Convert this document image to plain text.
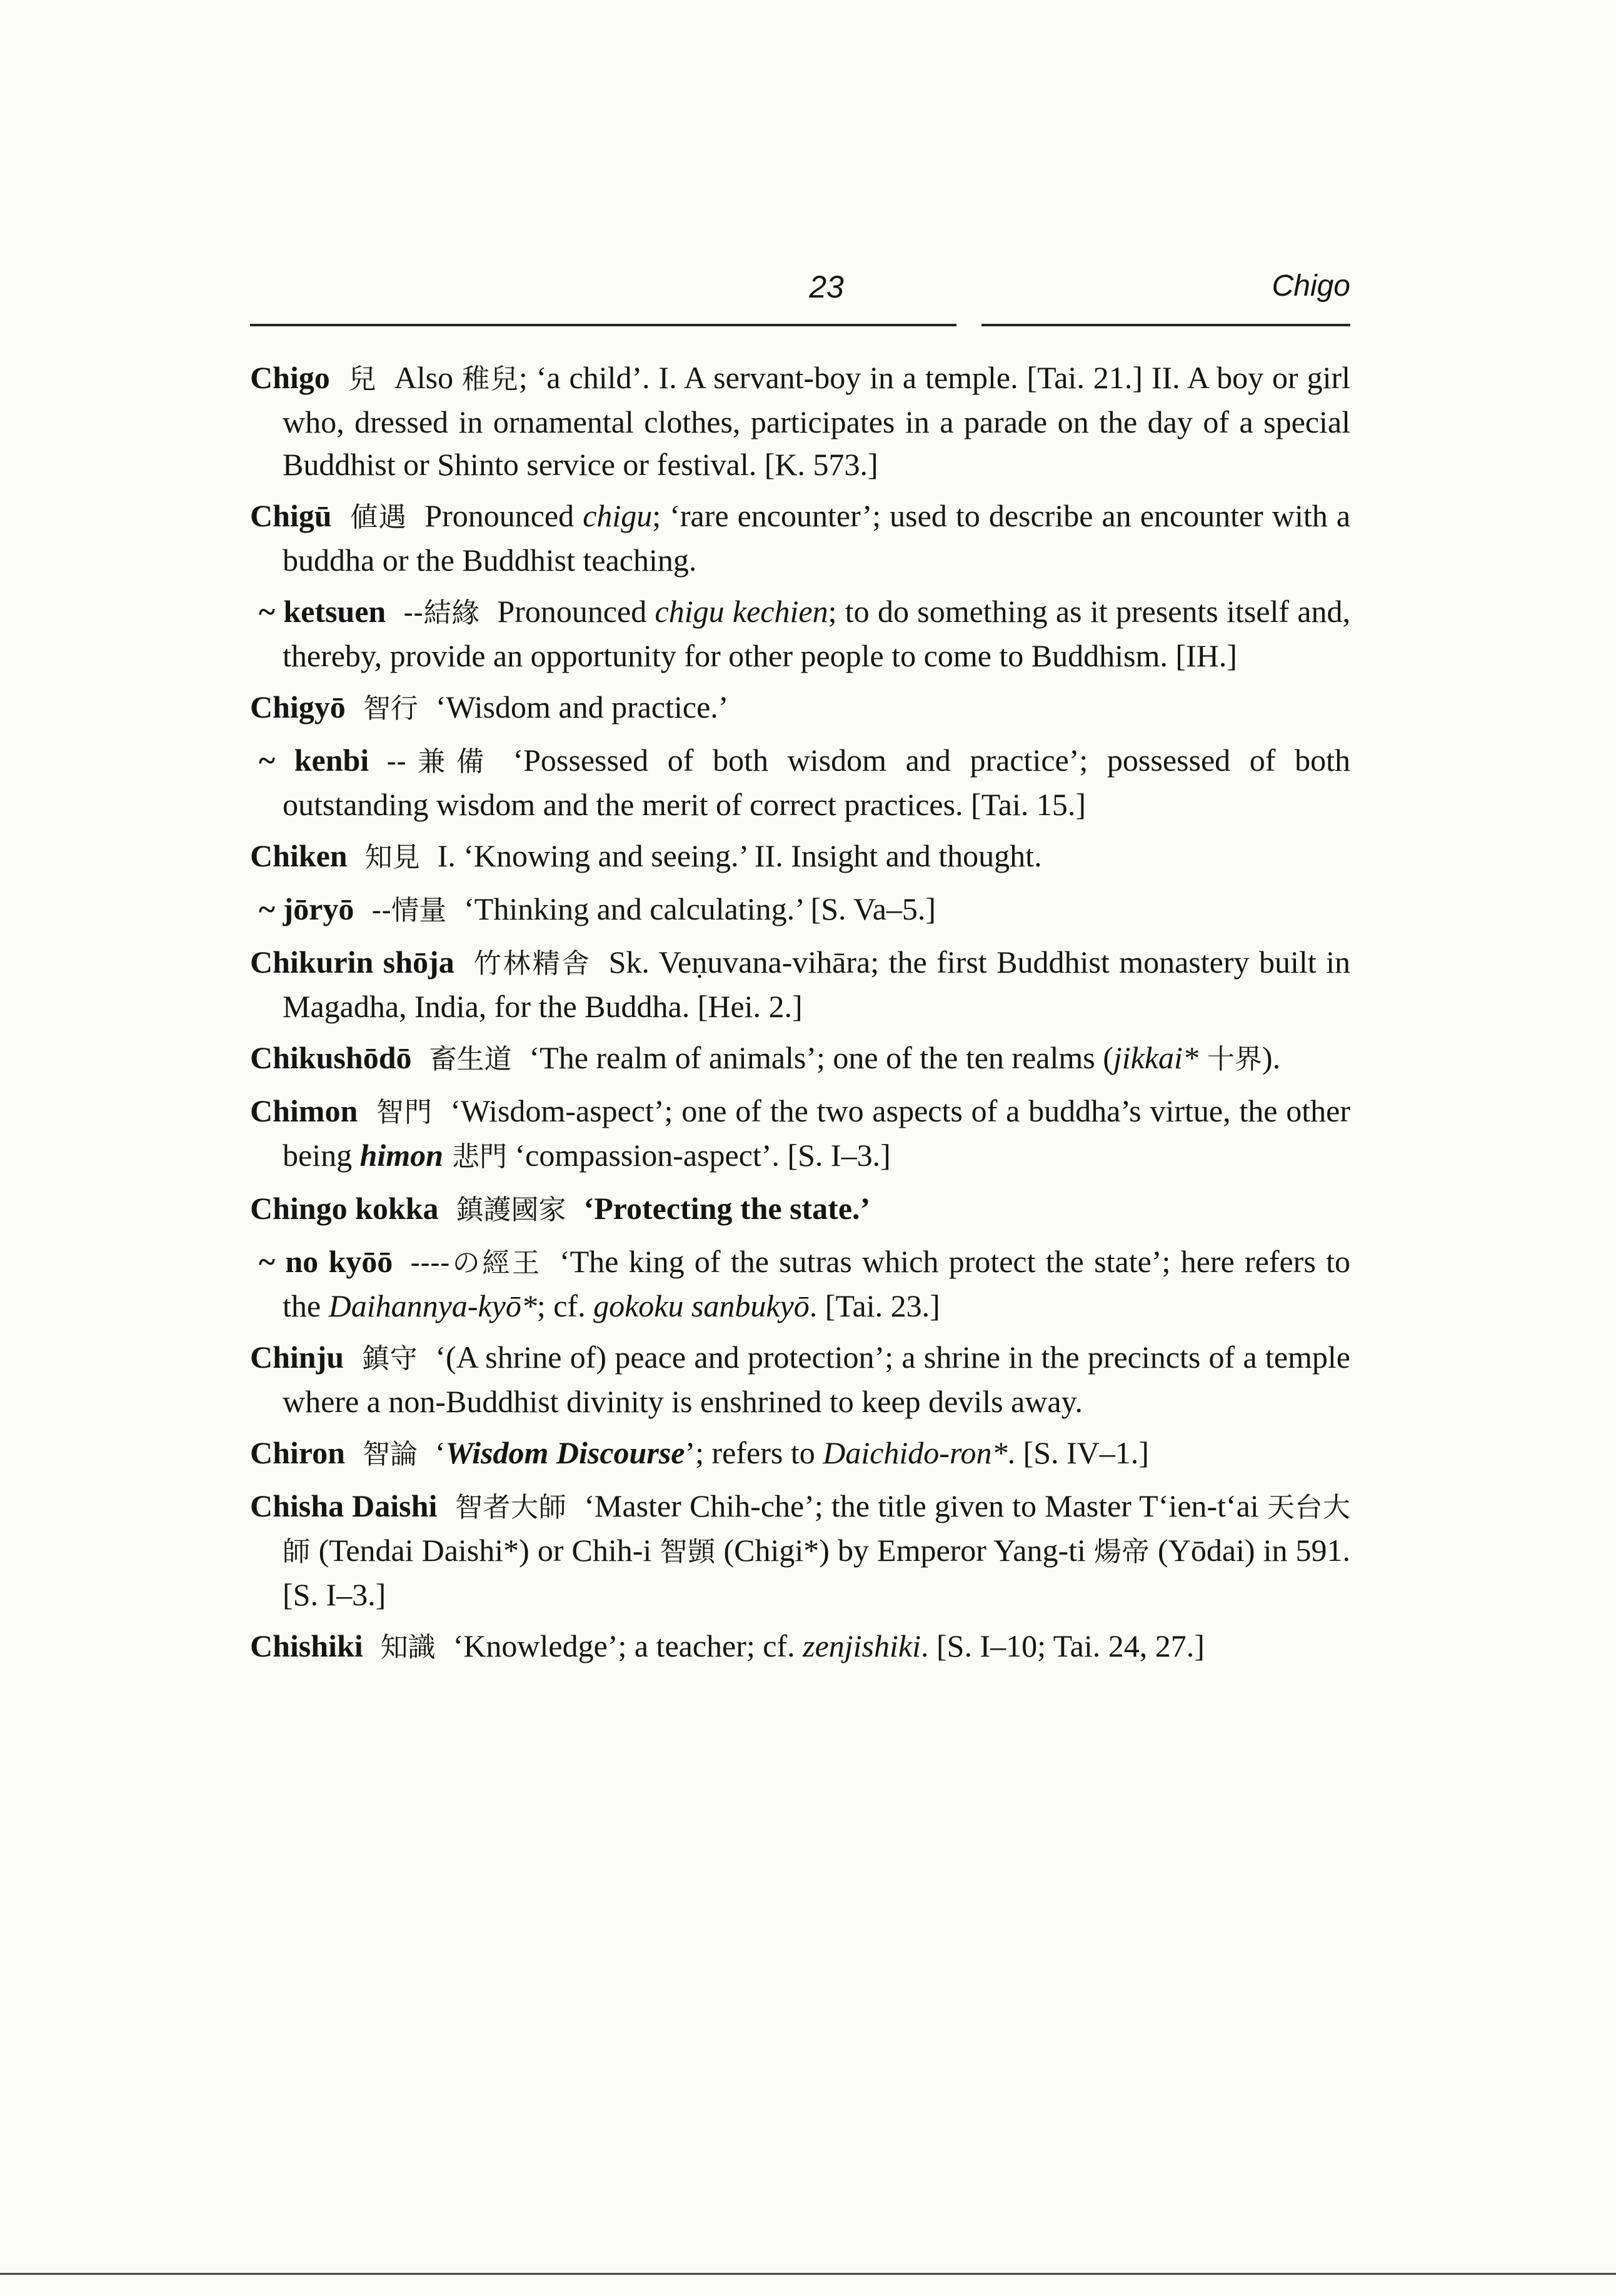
23	Chigo
Chigo 兒 Also 稚兒; ‘a child’. I. A servant-boy in a temple. [Tai. 21.] II. A boy or girl who, dressed in ornamental clothes, participates in a parade on the day of a special Buddhist or Shinto service or festival. [K. 573.]
Chigū 値遇 Pronounced chigu; ‘rare encounter’; used to describe an encounter with a buddha or the Buddhist teaching.
~ ketsuen --結緣 Pronounced chigu kechien; to do something as it presents itself and, thereby, provide an opportunity for other people to come to Buddhism. [IH.]
Chigyō 智行 ‘Wisdom and practice.’
~ kenbi --兼備 ‘Possessed of both wisdom and practice’; possessed of both outstanding wisdom and the merit of correct practices. [Tai. 15.]
Chiken 知見 I. ‘Knowing and seeing.’ II. Insight and thought.
~ jōryō --情量 ‘Thinking and calculating.’ [S. Va–5.]
Chikurin shōja 竹林精舎 Sk. Veṇuvana-vihāra; the first Buddhist monastery built in Magadha, India, for the Buddha. [Hei. 2.]
Chikushōdō 畜生道 ‘The realm of animals’; one of the ten realms (jikkai* 十界).
Chimon 智門 ‘Wisdom-aspect’; one of the two aspects of a buddha’s virtue, the other being himon 悲門 ‘compassion-aspect’. [S. I–3.]
Chingo kokka 鎮護國家 ‘Protecting the state.’
~ no kyōō ----の經王 ‘The king of the sutras which protect the state’; here refers to the Daihannya-kyō*; cf. gokoku sanbukyō. [Tai. 23.]
Chinju 鎮守 ‘(A shrine of) peace and protection’; a shrine in the precincts of a temple where a non-Buddhist divinity is enshrined to keep devils away.
Chiron 智論 ‘Wisdom Discourse’; refers to Daichido-ron*. [S. IV–1.]
Chisha Daishi 智者大師 ‘Master Chih-che’; the title given to Master T‘ien-t‘ai 天台大師 (Tendai Daishi*) or Chih-i 智顗 (Chigi*) by Emperor Yang-ti 煬帝 (Yōdai) in 591. [S. I–3.]
Chishiki 知識 ‘Knowledge’; a teacher; cf. zenjishiki. [S. I–10; Tai. 24, 27.]
